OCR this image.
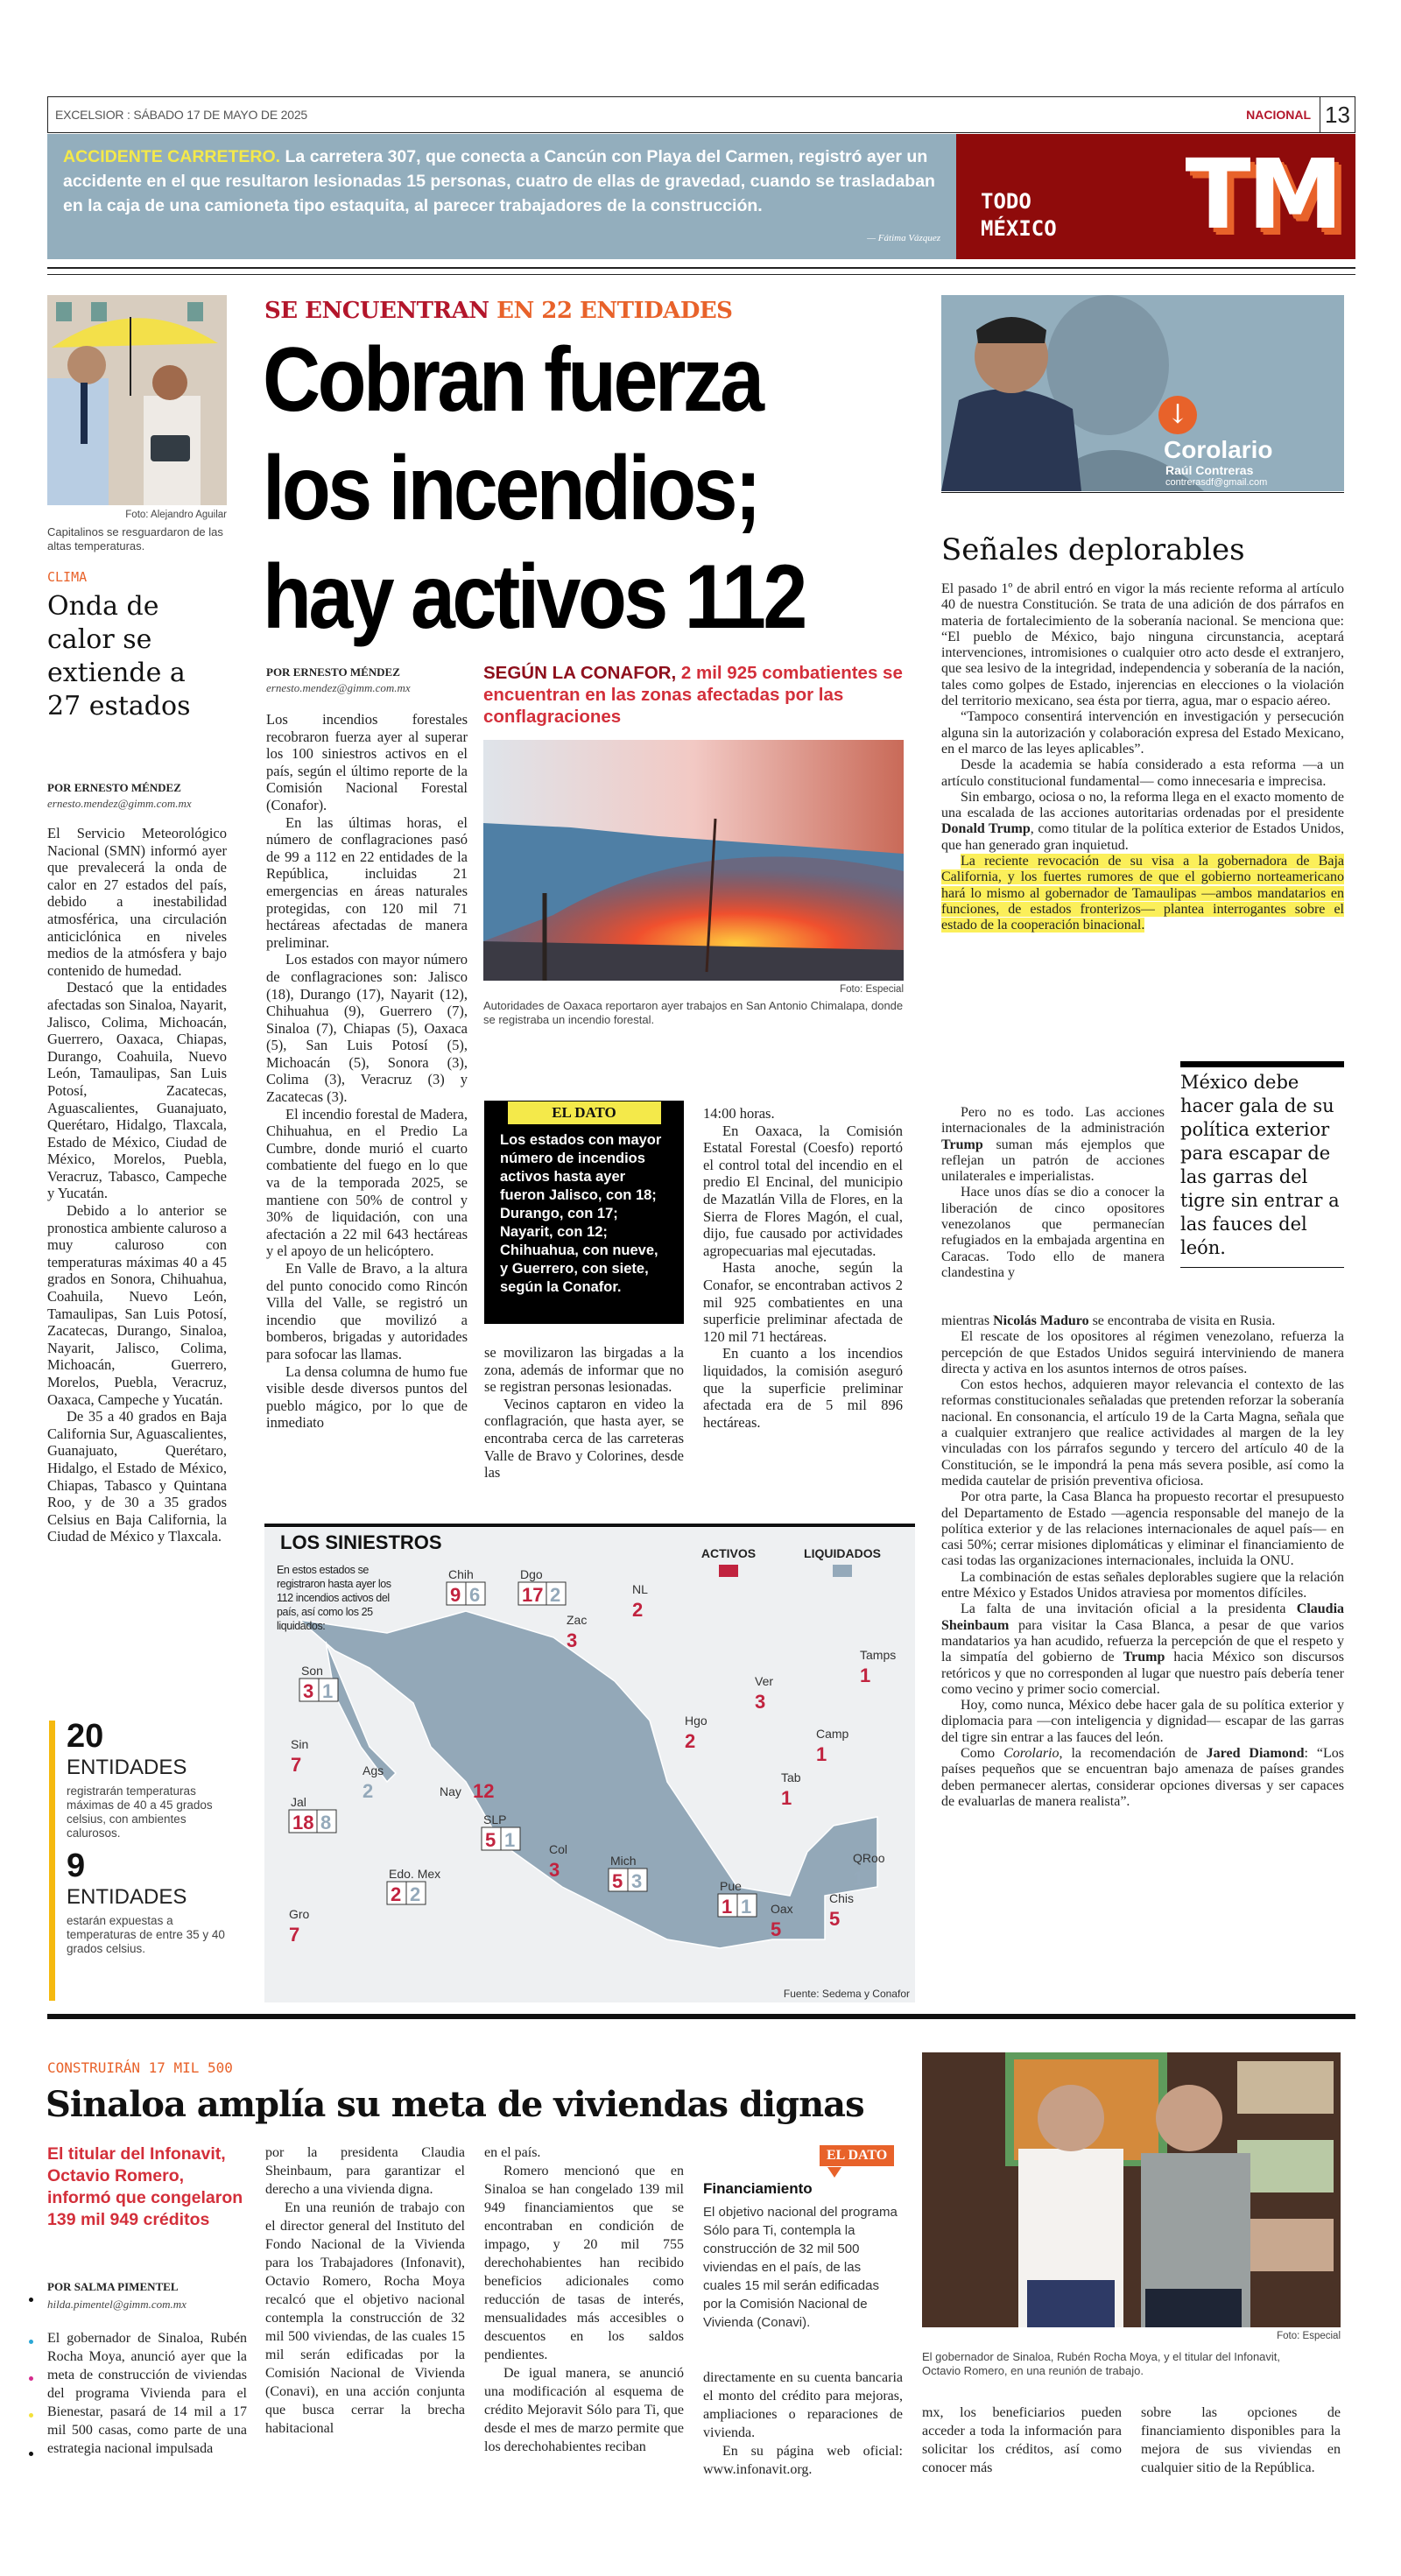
EXCELSIOR : SÁBADO 17 DE MAYO DE 2025	NACIONAL 13
ACCIDENTE CARRETERO. La carretera 307, que conecta a Cancún con Playa del Carmen, registró ayer un accidente en el que resultaron lesionadas 15 personas, cuatro de ellas de gravedad, cuando se trasladaban en la caja de una camioneta tipo estaquita, al parecer trabajadores de la construcción.
— Fátima Vázquez
TODO
MÉXICO TM
Foto: Alejandro Aguilar
Capitalinos se resguardaron de las altas temperaturas.
CLIMA
Onda de calor se extiende a 27 estados
POR ERNESTO MÉNDEZ
ernesto.mendez@gimm.com.mx

El Servicio Meteorológico Nacional (SMN) informó ayer que prevalecerá la onda de calor en 27 estados del país, debido a inestabilidad atmosférica, una circulación anticiclónica en niveles medios de la atmósfera y bajo contenido de humedad.

Destacó que la entidades afectadas son Sinaloa, Nayarit, Jalisco, Colima, Michoacán, Guerrero, Oaxaca, Chiapas, Durango, Coahuila, Nuevo León, Tamaulipas, San Luis Potosí, Zacatecas, Aguascalientes, Guanajuato, Querétaro, Hidalgo, Tlaxcala, Estado de México, Ciudad de México, Morelos, Puebla, Veracruz, Tabasco, Campeche y Yucatán.

Debido a lo anterior se pronostica ambiente caluroso a muy caluroso con temperaturas máximas 40 a 45 grados en Sonora, Chihuahua, Coahuila, Nuevo León, Tamaulipas, San Luis Potosí, Zacatecas, Durango, Sinaloa, Nayarit, Jalisco, Colima, Michoacán, Guerrero, Morelos, Puebla, Veracruz, Oaxaca, Campeche y Yucatán.

De 35 a 40 grados en Baja California Sur, Aguascalientes, Guanajuato, Querétaro, Hidalgo, el Estado de México, Chiapas, Tabasco y Quintana Roo, y de 30 a 35 grados Celsius en Baja California, la Ciudad de México y Tlaxcala.

20
ENTIDADES
registrarán temperaturas máximas de 40 a 45 grados celsius, con ambientes calurosos.
9
ENTIDADES
estarán expuestas a temperaturas de entre 35 y 40 grados celsius.
SE ENCUENTRAN EN 22 ENTIDADES
Cobran fuerza
los incendios;
hay activos 112
POR ERNESTO MÉNDEZ
ernesto.mendez@gimm.com.mx
SEGÚN LA CONAFOR, 2 mil 925 combatientes se encuentran en las zonas afectadas por las conflagraciones
Foto: Especial
Autoridades de Oaxaca reportaron ayer trabajos en San Antonio Chimalapa, donde se registraba un incendio forestal.

Los incendios forestales recobraron fuerza ayer al superar los 100 siniestros activos en el país, según el último reporte de la Comisión Nacional Forestal (Conafor).

En las últimas horas, el número de conflagraciones pasó de 99 a 112 en 22 entidades de la República, incluidas 21 emergencias en áreas naturales protegidas, con 120 mil 71 hectáreas afectadas de manera preliminar.

Los estados con mayor número de conflagraciones son: Jalisco (18), Durango (17), Nayarit (12), Chihuahua (9), Guerrero (7), Sinaloa (7), Chiapas (5), Oaxaca (5), San Luis Potosí (5), Michoacán (5), Sonora (3), Colima (3), Veracruz (3) y Zacatecas (3).

El incendio forestal de Madera, Chihuahua, en el Predio La Cumbre, donde murió el cuarto combatiente del fuego en lo que va de la temporada 2025, se mantiene con 50% de control y 30% de liquidación, con una afectación a 22 mil 643 hectáreas y el apoyo de un helicóptero.

En Valle de Bravo, a la altura del punto conocido como Rincón Villa del Valle, se registró un incendio que movilizó a bomberos, brigadas y autoridades para sofocar las llamas.

La densa columna de humo fue visible desde diversos puntos del pueblo mágico, por lo que de inmediato

EL DATO
Los estados con mayor número de incendios activos hasta ayer fueron Jalisco, con 18; Durango, con 17; Nayarit, con 12; Chihuahua, con nueve, y Guerrero, con siete, según la Conafor.

se movilizaron las birgadas a la zona, además de informar que no se registran personas lesionadas.

Vecinos captaron en video la conflagración, que hasta ayer, se encontraba cerca de las carreteras Valle de Bravo y Colorines, desde las

14:00 horas.

En Oaxaca, la Comisión Estatal Forestal (Coesfo) reportó el control total del incendio en el predio El Encinal, del municipio de Mazatlán Villa de Flores, en la Sierra de Flores Magón, el cual, dijo, fue causado por actividades agropecuarias mal ejecutadas.

Hasta anoche, según la Conafor, se encontraban activos 2 mil 925 combatientes en una superficie preliminar afectada de 120 mil 71 hectáreas.

En cuanto a los incendios liquidados, la comisión aseguró que la superficie preliminar afectada era de 5 mil 896 hectáreas.

LOS SINIESTROS	ACTIVOS	LIQUIDADOS
Fuente: Sedema y Conafor
Chih
9 6
Dgo
17 2	NL
2
Zac
3
Tamps
1
Son
3 1	Ver
3
Hgo
2	Camp
1
Sin
7	Ags
2	Nay 12
Tab
1
Jal
18 8	SLP
5 1	Col
3	Mich
5 3
QRoo
1
Edo. Mex
2 2	Pue
1 1	Chis
5
Oax
5
Gro
7
En estos estados se registraron hasta ayer los 112 incendios activos del país, así como los 25 liquidados:
↓
Corolario
Raúl Contreras
contrerasdf@gmail.com
Señales deplorables

El pasado 1º de abril entró en vigor la más reciente reforma al artículo 40 de nuestra Constitución. Se trata de una adición de dos párrafos en materia de fortalecimiento de la soberanía nacional. Se menciona que: “El pueblo de México, bajo ninguna circunstancia, aceptará intervenciones, intromisiones o cualquier otro acto desde el extranjero, que sea lesivo de la integridad, independencia y soberanía de la nación, tales como golpes de Estado, injerencias en elecciones o la violación del territorio mexicano, sea ésta por tierra, agua, mar o espacio aéreo.

“Tampoco consentirá intervención en investigación y persecución alguna sin la autorización y colaboración expresa del Estado Mexicano, en el marco de las leyes aplicables”.

Desde la academia se había considerado a esta reforma —a un artículo constitucional fundamental— como innecesaria e imprecisa.

Sin embargo, ociosa o no, la reforma llega en el exacto momento de una escalada de las acciones autoritarias ordenadas por el presidente Donald Trump, como titular de la política exterior de Estados Unidos, que han generado gran inquietud.

La reciente revocación de su visa a la gobernadora de Baja California, y los fuertes rumores de que el gobierno norteamericano hará lo mismo al gobernador de Tamaulipas —ambos mandatarios en funciones, de estados fronterizos— plantea interrogantes sobre el estado de la cooperación binacional.

Pero no es todo. Las acciones internacionales de la administración Trump suman más ejemplos que reflejan un patrón de acciones unilaterales e imperialistas.

Hace unos días se dio a conocer la liberación de cinco opositores venezolanos que permanecían refugiados en la embajada argentina en Caracas. Todo ello de manera clandestina y

México debe hacer gala de su política exterior para escapar de las garras del tigre sin entrar a las fauces del león.

mientras Nicolás Maduro se encontraba de visita en Rusia.

El rescate de los opositores al régimen venezolano, refuerza la percepción de que Estados Unidos seguirá interviniendo de manera directa y activa en los asuntos internos de otros países.

Con estos hechos, adquieren mayor relevancia el contexto de las reformas constitucionales señaladas que pretenden reforzar la soberanía nacional. En consonancia, el artículo 19 de la Carta Magna, señala que a cualquier extranjero que realice actividades al margen de la ley vinculadas con los párrafos segundo y tercero del artículo 40 de la Constitución, se le impondrá la pena más severa posible, así como la medida cautelar de prisión preventiva oficiosa.

Por otra parte, la Casa Blanca ha propuesto recortar el presupuesto del Departamento de Estado —agencia responsable del manejo de la política exterior y de las relaciones internacionales de aquel país— en casi 50%; cerrar misiones diplomáticas y eliminar el financiamiento de casi todas las organizaciones internacionales, incluida la ONU.

La combinación de estas señales deplorables sugiere que la relación entre México y Estados Unidos atraviesa por momentos difíciles.

La falta de una invitación oficial a la presidenta Claudia Sheinbaum para visitar la Casa Blanca, a pesar de que varios mandatarios ya han acudido, refuerza la percepción de que el respeto y la simpatía del gobierno de Trump hacia México son discursos retóricos y que no corresponden al lugar que nuestro país debería tener como vecino y primer socio comercial.

Hoy, como nunca, México debe hacer gala de su política exterior y diplomacia para —con inteligencia y dignidad— escapar de las garras del tigre sin entrar a las fauces del león.

Como Corolario, la recomendación de Jared Diamond: “Los países pequeños que se encuentran bajo amenaza de países grandes deben permanecer alertas, considerar opciones diversas y ser capaces de evaluarlas de manera realista”.

CONSTRUIRÁN 17 MIL 500
Sinaloa amplía su meta de viviendas dignas
El titular del Infonavit, Octavio Romero, informó que congelaron 139 mil 949 créditos
POR SALMA PIMENTEL
hilda.pimentel@gimm.com.mx

El gobernador de Sinaloa, Rubén Rocha Moya, anunció ayer que la meta de construcción de viviendas del programa Vivienda para el Bienestar, pasará de 14 mil a 17 mil 500 casas, como parte de una estrategia nacional impulsada

por la presidenta Claudia Sheinbaum, para garantizar el derecho a una vivienda digna.

En una reunión de trabajo con el director general del Instituto del Fondo Nacional de la Vivienda para los Trabajadores (Infonavit), Octavio Romero, Rocha Moya recalcó que el objetivo nacional contempla la construcción de 32 mil 500 viviendas, de las cuales 15 mil serán edificadas por la Comisión Nacional de Vivienda (Conavi), en una acción conjunta que busca cerrar la brecha habitacional

en el país.

Romero mencionó que en Sinaloa se han congelado 139 mil 949 financiamientos que se encontraban en condición de impago, y 20 mil 755 derechohabientes han recibido beneficios adicionales como reducción de tasas de interés, mensualidades más accesibles o descuentos en los saldos pendientes.

De igual manera, se anunció una modificación al esquema de crédito Mejoravit Sólo para Ti, que desde el mes de marzo permite que los derechohabientes reciban

EL DATO
Financiamiento
El objetivo nacional del programa Sólo para Ti, contempla la construcción de 32 mil 500 viviendas en el país, de las cuales 15 mil serán edificadas por la Comisión Nacional de Vivienda (Conavi).

directamente en su cuenta bancaria el monto del crédito para mejoras, ampliaciones o reparaciones de vivienda.

En su página web oficial: www.infonavit.org.

Foto: Especial
El gobernador de Sinaloa, Rubén Rocha Moya, y el titular del Infonavit, Octavio Romero, en una reunión de trabajo.

mx, los beneficiarios pueden acceder a toda la información para solicitar los créditos, así como conocer más

sobre las opciones de financiamiento disponibles para la mejora de sus viviendas en cualquier sitio de la República.
